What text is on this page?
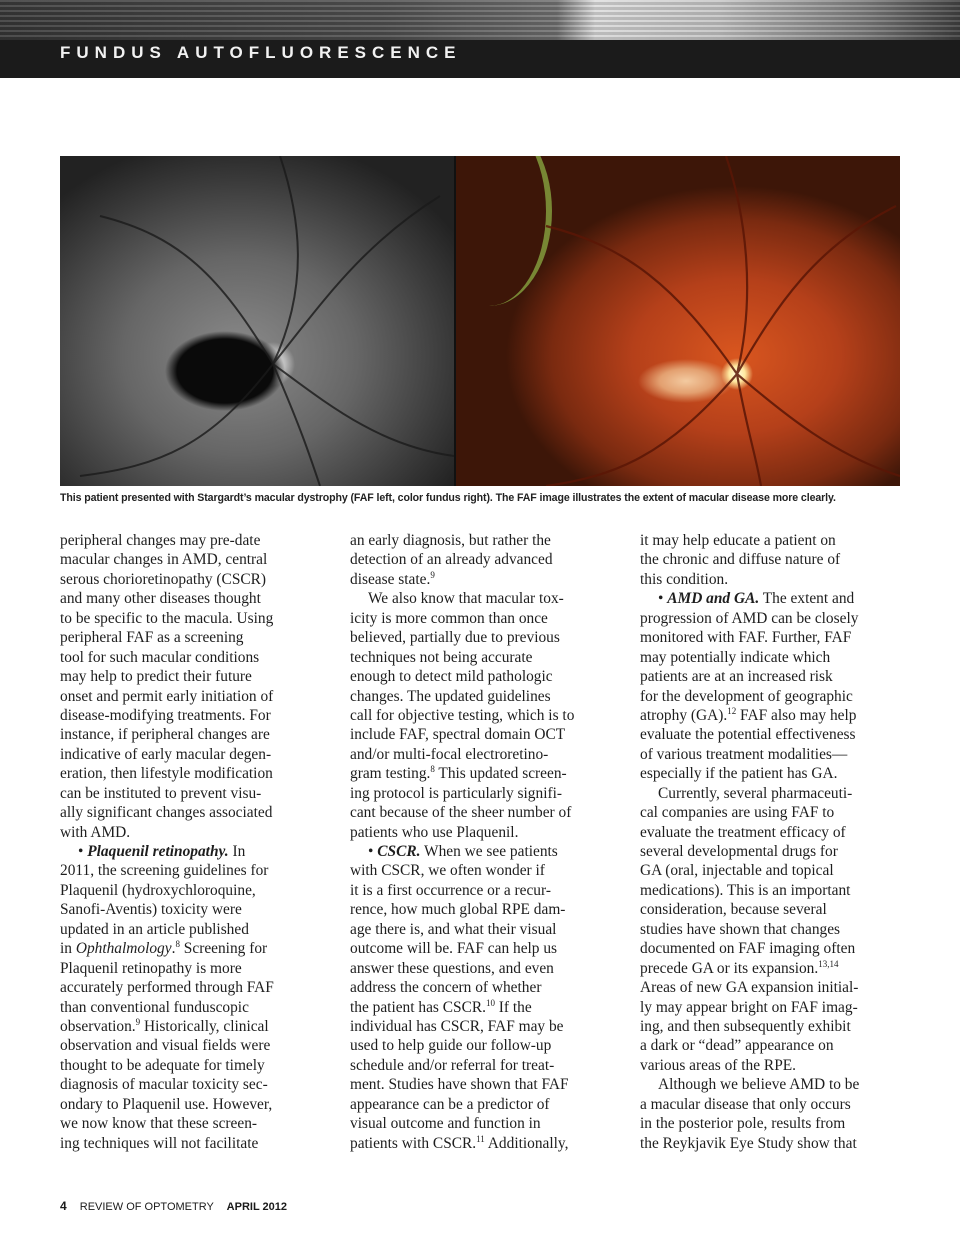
FUNDUS AUTOFLUORESCENCE
This patient presented with Stargardt’s macular dystrophy (FAF left, color fundus right). The FAF image illustrates the extent of macular disease more clearly.
peripheral changes may pre-date
macular changes in AMD, central
serous chorioretinopathy (CSCR)
and many other diseases thought
to be specific to the macula. Using
peripheral FAF as a screening
tool for such macular conditions
may help to predict their future
onset and permit early initiation of
disease-modifying treatments. For
instance, if peripheral changes are
indicative of early macular degen-
eration, then lifestyle modification
can be instituted to prevent visu-
ally significant changes associated
with AMD.
• Plaquenil retinopathy. In
2011, the screening guidelines for
Plaquenil (hydroxychloroquine,
Sanofi-Aventis) toxicity were
updated in an article published
in Ophthalmology.$^8$ Screening for
Plaquenil retinopathy is more
accurately performed through FAF
than conventional funduscopic
observation.$^9$ Historically, clinical
observation and visual fields were
thought to be adequate for timely
diagnosis of macular toxicity sec-
ondary to Plaquenil use. However,
we now know that these screen-
ing techniques will not facilitate
an early diagnosis, but rather the
detection of an already advanced
disease state.$^9$
We also know that macular tox-
icity is more common than once
believed, partially due to previous
techniques not being accurate
enough to detect mild pathologic
changes. The updated guidelines
call for objective testing, which is to
include FAF, spectral domain OCT
and/or multi-focal electroretino-
gram testing.$^8$ This updated screen-
ing protocol is particularly signifi-
cant because of the sheer number of
patients who use Plaquenil.
• CSCR. When we see patients
with CSCR, we often wonder if
it is a first occurrence or a recur-
rence, how much global RPE dam-
age there is, and what their visual
outcome will be. FAF can help us
answer these questions, and even
address the concern of whether
the patient has CSCR.$^{10}$ If the
individual has CSCR, FAF may be
used to help guide our follow-up
schedule and/or referral for treat-
ment. Studies have shown that FAF
appearance can be a predictor of
visual outcome and function in
patients with CSCR.$^{11}$ Additionally,
it may help educate a patient on
the chronic and diffuse nature of
this condition.
• AMD and GA. The extent and
progression of AMD can be closely
monitored with FAF. Further, FAF
may potentially indicate which
patients are at an increased risk
for the development of geographic
atrophy (GA).$^{12}$ FAF also may help
evaluate the potential effectiveness
of various treatment modalities—
especially if the patient has GA.
Currently, several pharmaceuti-
cal companies are using FAF to
evaluate the treatment efficacy of
several developmental drugs for
GA (oral, injectable and topical
medications). This is an important
consideration, because several
studies have shown that changes
documented on FAF imaging often
precede GA or its expansion.$^{13,14}$
Areas of new GA expansion initial-
ly may appear bright on FAF imag-
ing, and then subsequently exhibit
a dark or “dead” appearance on
various areas of the RPE.
Although we believe AMD to be
a macular disease that only occurs
in the posterior pole, results from
the Reykjavik Eye Study show that
4 REVIEW OF OPTOMETRY APRIL 2012
